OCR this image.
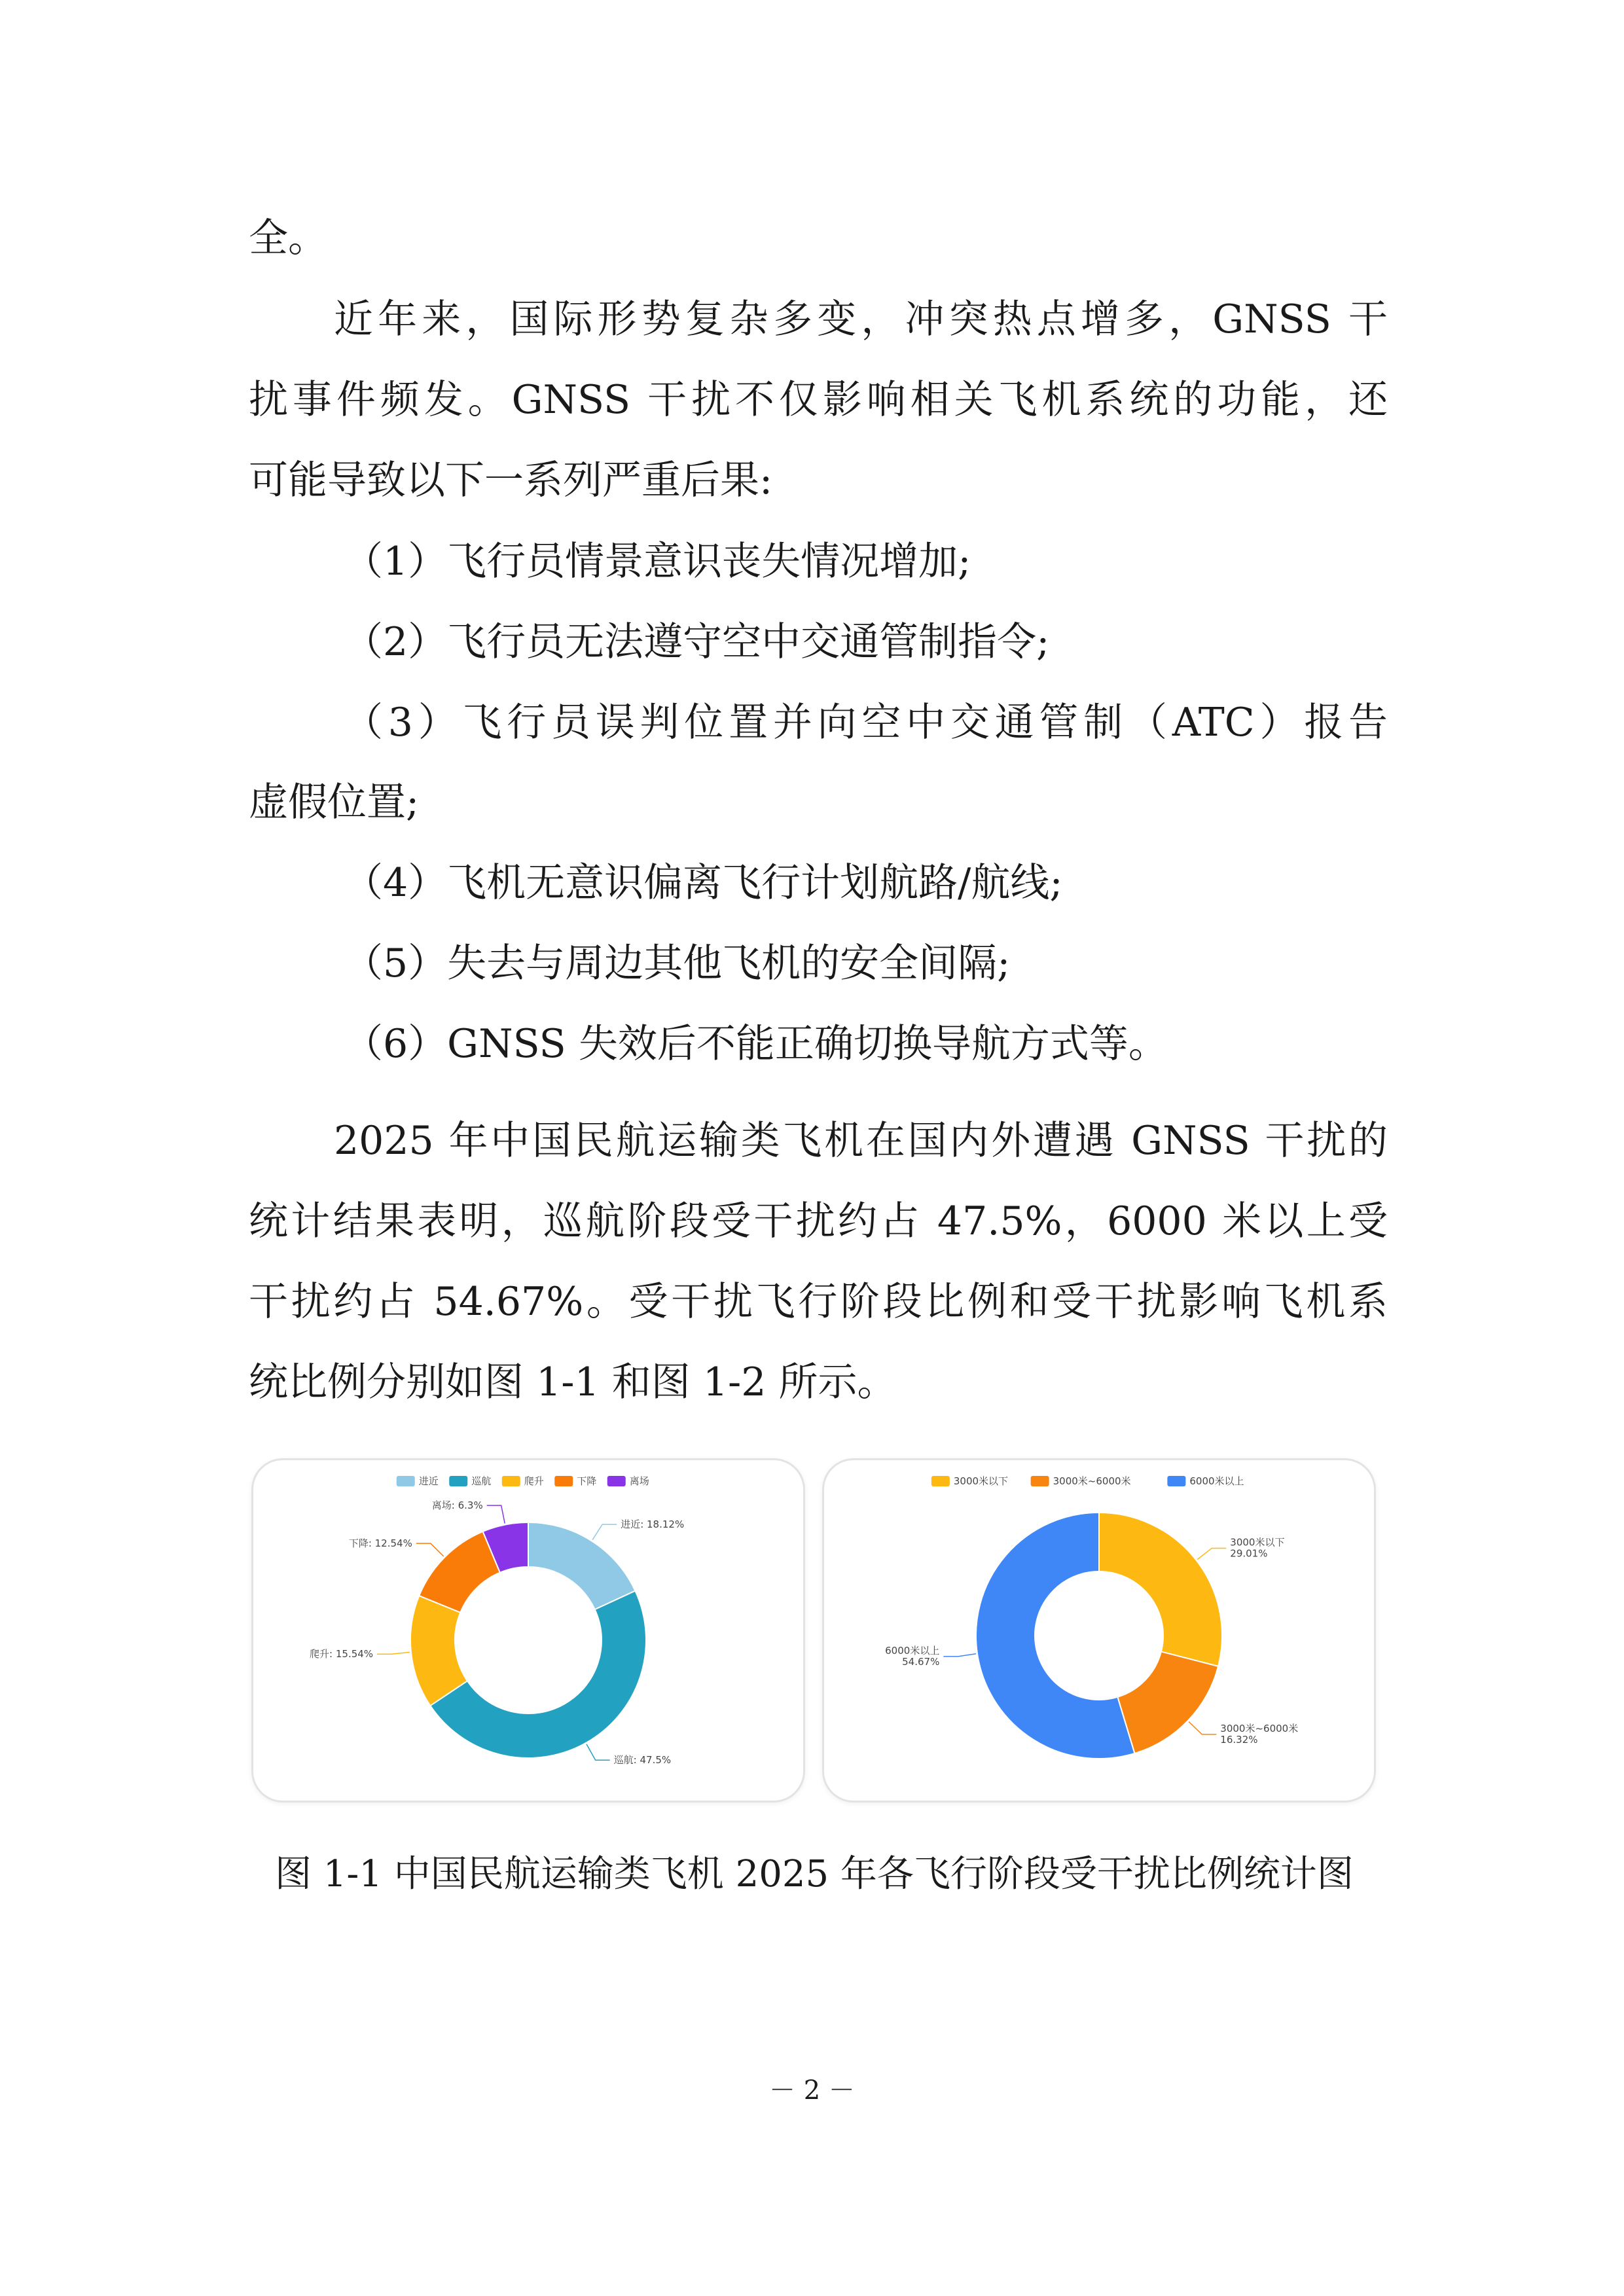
全。
近年来，国际形势复杂多变，冲突热点增多，GNSS 干
扰事件频发。GNSS 干扰不仅影响相关飞机系统的功能，还
可能导致以下一系列严重后果:
（1）飞行员情景意识丧失情况增加;
（2）飞行员无法遵守空中交通管制指令;
（3）飞行员误判位置并向空中交通管制（ATC）报告
虚假位置;
（4）飞机无意识偏离飞行计划航路/航线;
（5）失去与周边其他飞机的安全间隔;
（6）GNSS 失效后不能正确切换导航方式等。
2025 年中国民航运输类飞机在国内外遭遇 GNSS 干扰的
统计结果表明，巡航阶段受干扰约占 47.5%，6000 米以上受
干扰约占 54.67%。受干扰飞行阶段比例和受干扰影响飞机系
统比例分别如图 1-1 和图 1-2 所示。
进近	巡航	爬升	下降	离场
进近: 18.12%
巡航: 47.5%
爬升: 15.54%
下降: 12.54%
离场: 6.3%
3000米以下	3000米~6000米	6000米以上
3000米以下
29.01%
3000米~6000米
16.32%
6000米以上
54.67%
图 1-1 中国民航运输类飞机 2025 年各飞行阶段受干扰比例统计图
－ 2 －
